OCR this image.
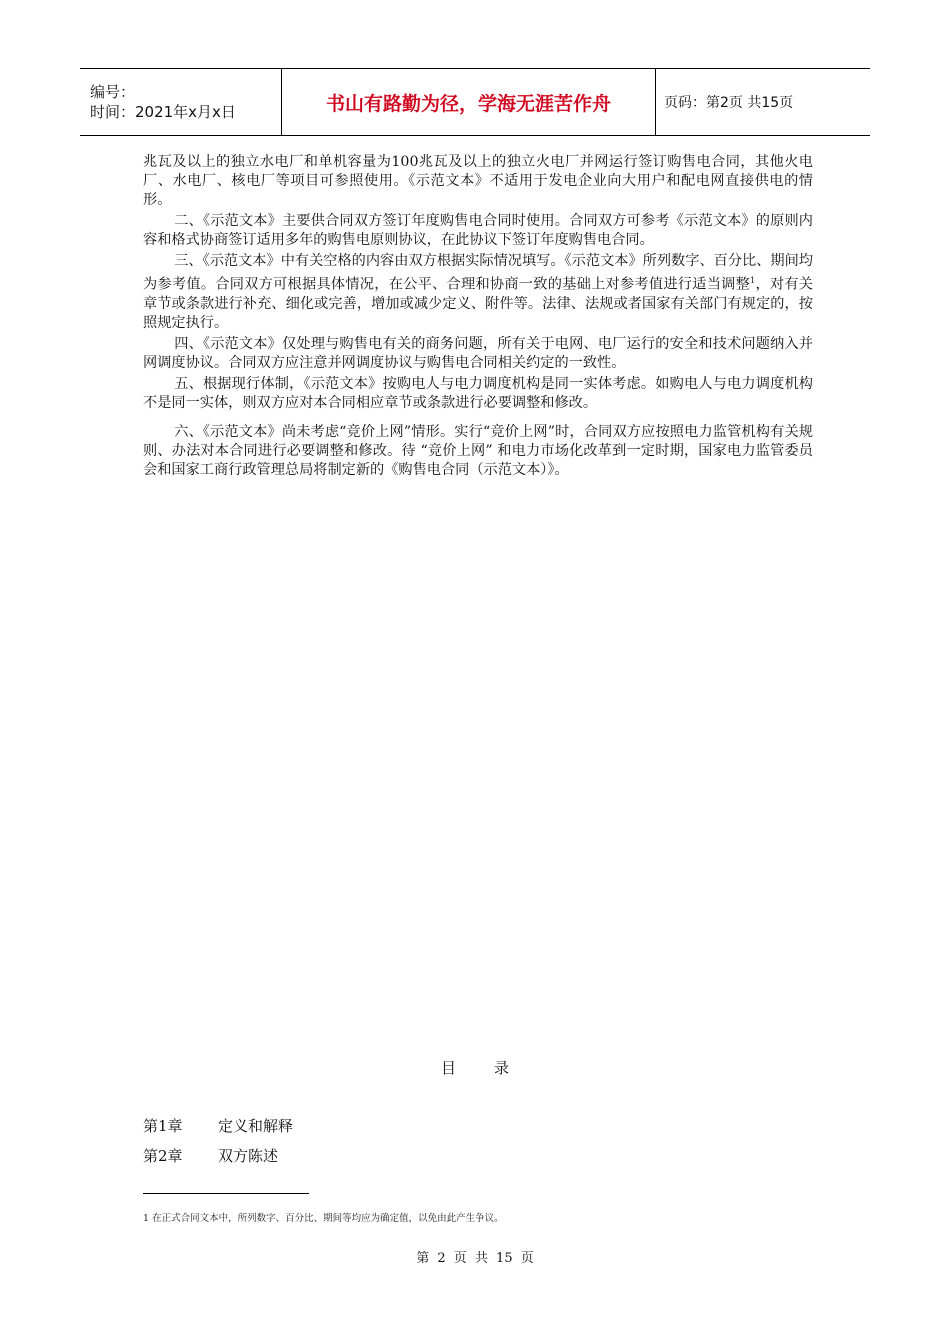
编号：
时间：2021年x月x日	书山有路勤为径，学海无涯苦作舟	页码：第2页 共15页

兆瓦及以上的独立水电厂和单机容量为100兆瓦及以上的独立火电厂并网运行签订购售电合同，其他火电厂、水电厂、核电厂等项目可参照使用。《示范文本》不适用于发电企业向大用户和配电网直接供电的情形。

二、《示范文本》主要供合同双方签订年度购售电合同时使用。合同双方可参考《示范文本》的原则内容和格式协商签订适用多年的购售电原则协议，在此协议下签订年度购售电合同。

三、《示范文本》中有关空格的内容由双方根据实际情况填写。《示范文本》所列数字、百分比、期间均为参考值。合同双方可根据具体情况，在公平、合理和协商一致的基础上对参考值进行适当调整$^1$，对有关章节或条款进行补充、细化或完善，增加或减少定义、附件等。法律、法规或者国家有关部门有规定的，按照规定执行。

四、《示范文本》仅处理与购售电有关的商务问题，所有关于电网、电厂运行的安全和技术问题纳入并网调度协议。合同双方应注意并网调度协议与购售电合同相关约定的一致性。

五、根据现行体制，《示范文本》按购电人与电力调度机构是同一实体考虑。如购电人与电力调度机构不是同一实体，则双方应对本合同相应章节或条款进行必要调整和修改。

六、《示范文本》尚未考虑“竞价上网”情形。实行“竞价上网”时，合同双方应按照电力监管机构有关规则、办法对本合同进行必要调整和修改。待 “竞价上网” 和电力市场化改革到一定时期，国家电力监管委员会和国家工商行政管理总局将制定新的《购售电合同（示范文本）》。

目	录
第1章	定义和解释
第2章	双方陈述
1 在正式合同文本中，所列数字、百分比、期间等均应为确定值，以免由此产生争议。
第 2 页 共 15 页
